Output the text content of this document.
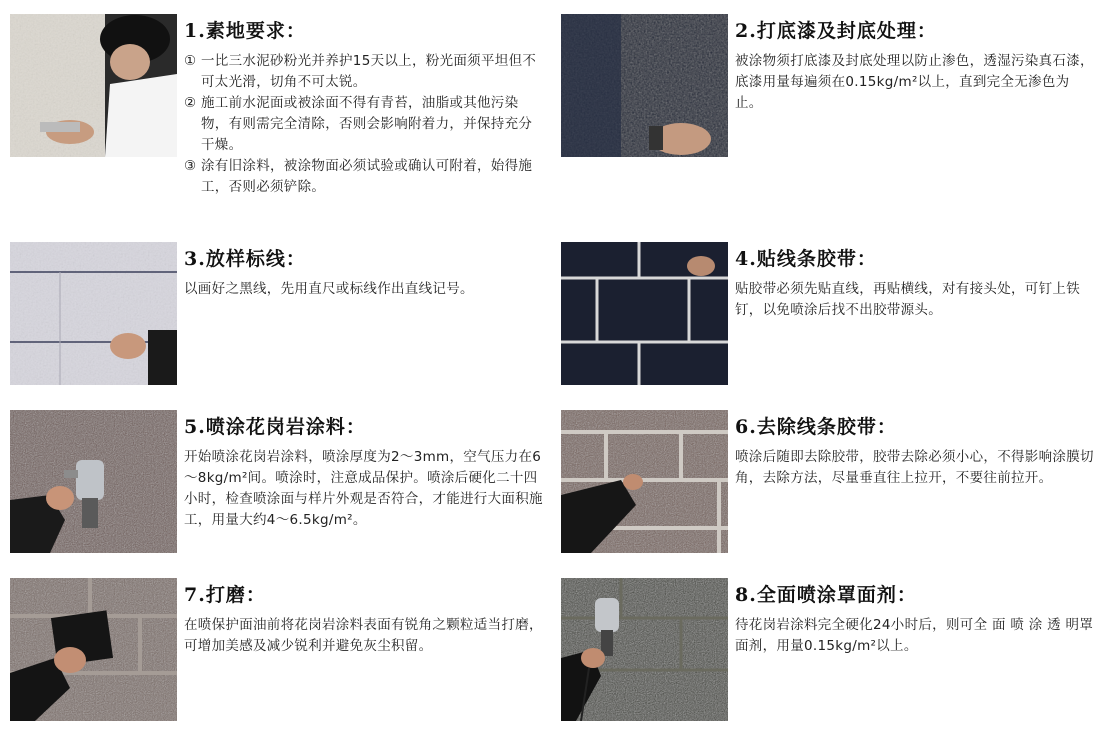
1.素地要求：
① 一比三水泥砂粉光并养护15天以上，粉光面须平坦但不可太光滑，切角不可太锐。
② 施工前水泥面或被涂面不得有青苔，油脂或其他污染物，有则需完全清除，否则会影响附着力，并保持充分干燥。
③ 涂有旧涂料，被涂物面必须试验或确认可附着，始得施工，否则必须铲除。
2.打底漆及封底处理：
被涂物须打底漆及封底处理以防止渗色，透湿污染真石漆，底漆用量每遍须在0.15kg/m²以上，直到完全无渗色为止。
3.放样标线：
以画好之黑线，先用直尺或标线作出直线记号。
4.贴线条胶带：
贴胶带必须先贴直线，再贴横线，对有接头处，可钉上铁钉，以免喷涂后找不出胶带源头。
5.喷涂花岗岩涂料：
开始喷涂花岗岩涂料，喷涂厚度为2～3mm，空气压力在6～8kg/m²间。喷涂时，注意成品保护。喷涂后硬化二十四小时，检查喷涂面与样片外观是否符合，才能进行大面积施工，用量大约4～6.5kg/m²。
6.去除线条胶带：
喷涂后随即去除胶带，胶带去除必须小心，不得影响涂膜切角，去除方法，尽量垂直往上拉开，不要往前拉开。
7.打磨：
在喷保护面油前将花岗岩涂料表面有锐角之颗粒适当打磨，可增加美感及减少锐利并避免灰尘积留。
8.全面喷涂罩面剂：
待花岗岩涂料完全硬化24小时后，则可全 面 喷 涂 透 明罩面剂，用量0.15kg/m²以上。
